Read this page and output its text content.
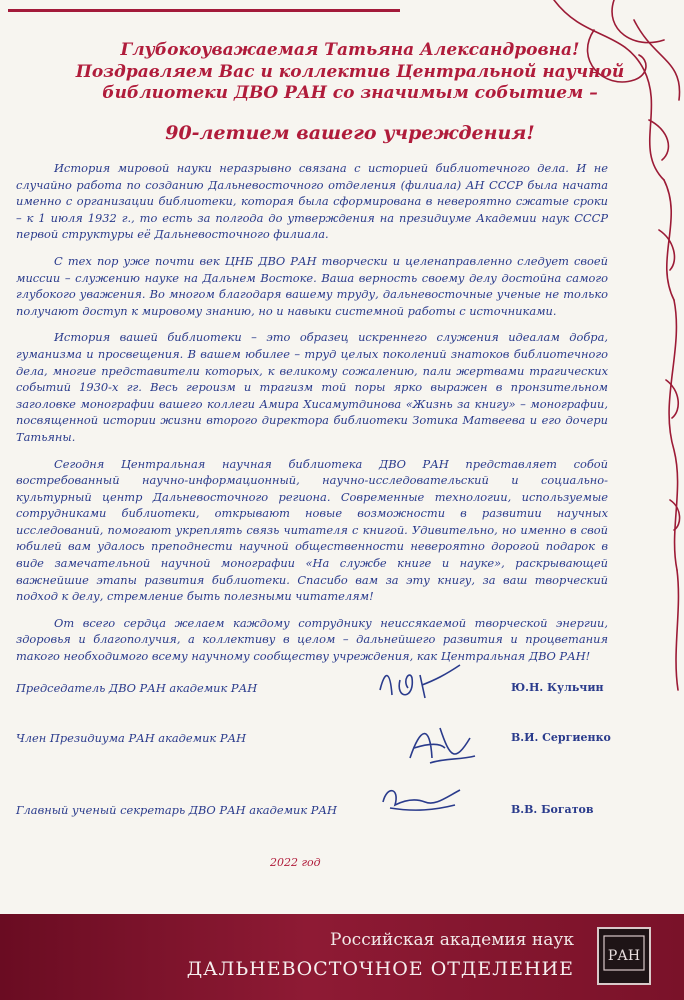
Глубокоуважаемая Татьяна Александровна!
Поздравляем Вас и коллектив Центральной научной
библиотеки ДВО РАН со значимым событием –
90-летием вашего учреждения!

История мировой науки неразрывно связана с историей библиотечного дела. И не случайно работа по созданию Дальневосточного отделения (филиала) АН СССР была начата именно с организации библиотеки, которая была сформирована в невероятно сжатые сроки – к 1 июля 1932 г., то есть за полгода до утверждения на президиуме Академии наук СССР первой структуры её Дальневосточного филиала.

С тех пор уже почти век ЦНБ ДВО РАН творчески и целенаправленно следует своей миссии – служению науке на Дальнем Востоке. Ваша верность своему делу достойна самого глубокого уважения. Во многом благодаря вашему труду, дальневосточные ученые не только получают доступ к мировому знанию, но и навыки системной работы с источниками.

История вашей библиотеки – это образец искреннего служения идеалам добра, гуманизма и просвещения. В вашем юбилее – труд целых поколений знатоков библиотечного дела, многие представители которых, к великому сожалению, пали жертвами трагических событий 1930-х гг. Весь героизм и трагизм той поры ярко выражен в пронзительном заголовке монографии вашего коллеги Амира Хисамутдинова «Жизнь за книгу» – монографии, посвященной истории жизни второго директора библиотеки Зотика Матвеева и его дочери Татьяны.

Сегодня Центральная научная библиотека ДВО РАН представляет собой востребованный научно-информационный, научно-исследовательский и социально-культурный центр Дальневосточного региона. Современные технологии, используемые сотрудниками библиотеки, открывают новые возможности в развитии научных исследований, помогают укреплять связь читателя с книгой. Удивительно, но именно в свой юбилей вам удалось преподнести научной общественности невероятно дорогой подарок в виде замечательной научной монографии «На службе книге и науке», раскрывающей важнейшие этапы развития библиотеки. Спасибо вам за эту книгу, за ваш творческий подход к делу, стремление быть полезными читателям!

От всего сердца желаем каждому сотруднику неиссякаемой творческой энергии, здоровья и благополучия, а коллективу в целом – дальнейшего развития и процветания такого необходимого всему научному сообществу учреждения, как Центральная ДВО РАН!

Председатель ДВО РАН академик РАН	Ю.Н. Кульчин
Член Президиума РАН академик РАН	В.И. Сергиенко
Главный ученый секретарь ДВО РАН академик РАН	В.В. Богатов
2022 год
Российская академия наук
ДАЛЬНЕВОСТОЧНОЕ ОТДЕЛЕНИЕ
РАН
